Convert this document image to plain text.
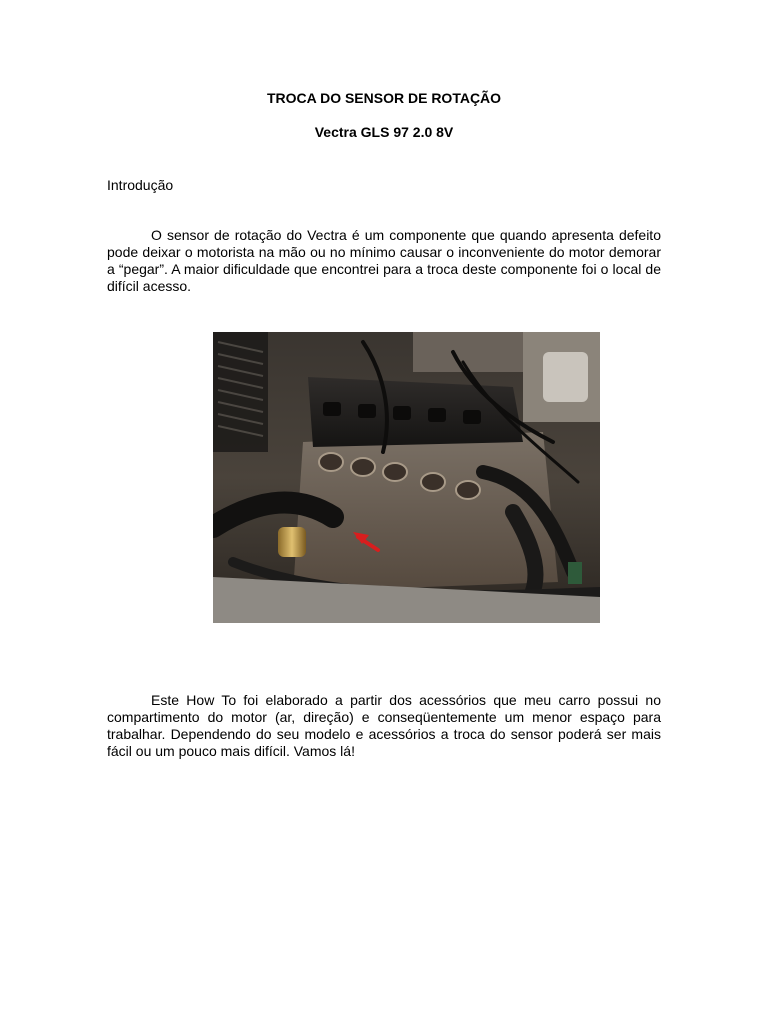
TROCA DO SENSOR DE ROTAÇÃO
Vectra GLS 97 2.0 8V
Introdução

O sensor de rotação do Vectra é um componente que quando apresenta defeito pode deixar o motorista na mão ou no mínimo causar o inconveniente do motor demorar a “pegar”. A maior dificuldade que encontrei para a troca deste componente foi o local de difícil acesso.

Este How To foi elaborado a partir dos acessórios que meu carro possui no compartimento do motor (ar, direção) e conseqüentemente um menor espaço para trabalhar. Dependendo do seu modelo e acessórios a troca do sensor poderá ser mais fácil ou um pouco mais difícil. Vamos lá!
